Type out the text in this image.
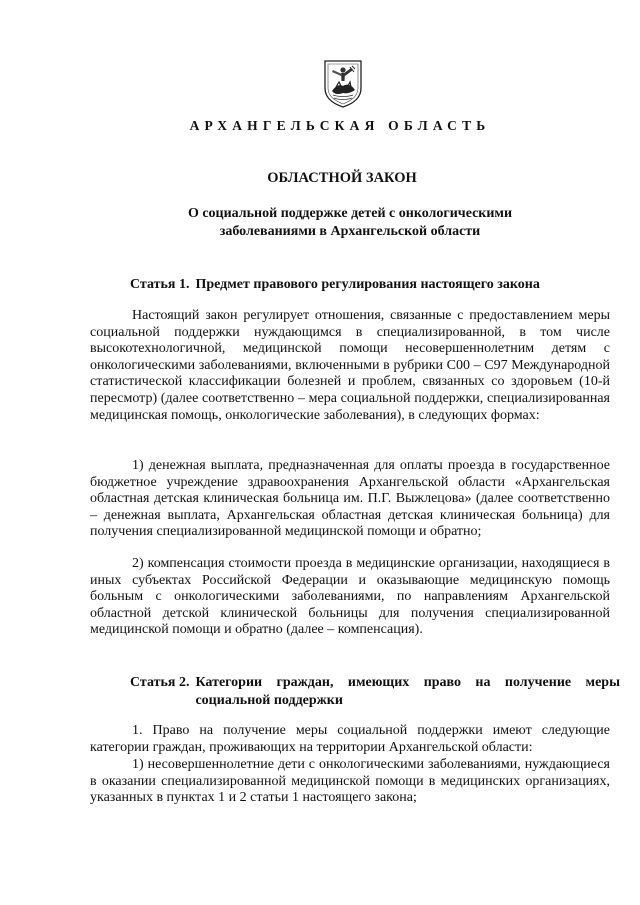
АРХАНГЕЛЬСКАЯ ОБЛАСТЬ
ОБЛАСТНОЙ ЗАКОН
О социальной поддержке детей с онкологическими заболеваниями в Архангельской области
Статья 1. Предмет правового регулирования настоящего закона
Настоящий закон регулирует отношения, связанные с предоставлением меры социальной поддержки нуждающимся в специализированной, в том числе высокотехнологичной, медицинской помощи несовершеннолетним детям с онкологическими заболеваниями, включенными в рубрики С00 – С97 Международной статистической классификации болезней и проблем, связанных со здоровьем (10-й пересмотр) (далее соответственно – мера социальной поддержки, специализированная медицинская помощь, онкологические заболевания), в следующих формах:
1) денежная выплата, предназначенная для оплаты проезда в государственное бюджетное учреждение здравоохранения Архангельской области «Архангельская областная детская клиническая больница им. П.Г. Выжлецова» (далее соответственно – денежная выплата, Архангельская областная детская клиническая больница) для получения специализированной медицинской помощи и обратно;
2) компенсация стоимости проезда в медицинские организации, находящиеся в иных субъектах Российской Федерации и оказывающие медицинскую помощь больным с онкологическими заболеваниями, по направлениям Архангельской областной детской клинической больницы для получения специализированной медицинской помощи и обратно (далее – компенсация).
Статья 2. Категории граждан, имеющих право на получение меры социальной поддержки
1. Право на получение меры социальной поддержки имеют следующие категории граждан, проживающих на территории Архангельской области:
1) несовершеннолетние дети с онкологическими заболеваниями, нуждающиеся в оказании специализированной медицинской помощи в медицинских организациях, указанных в пунктах 1 и 2 статьи 1 настоящего закона;
